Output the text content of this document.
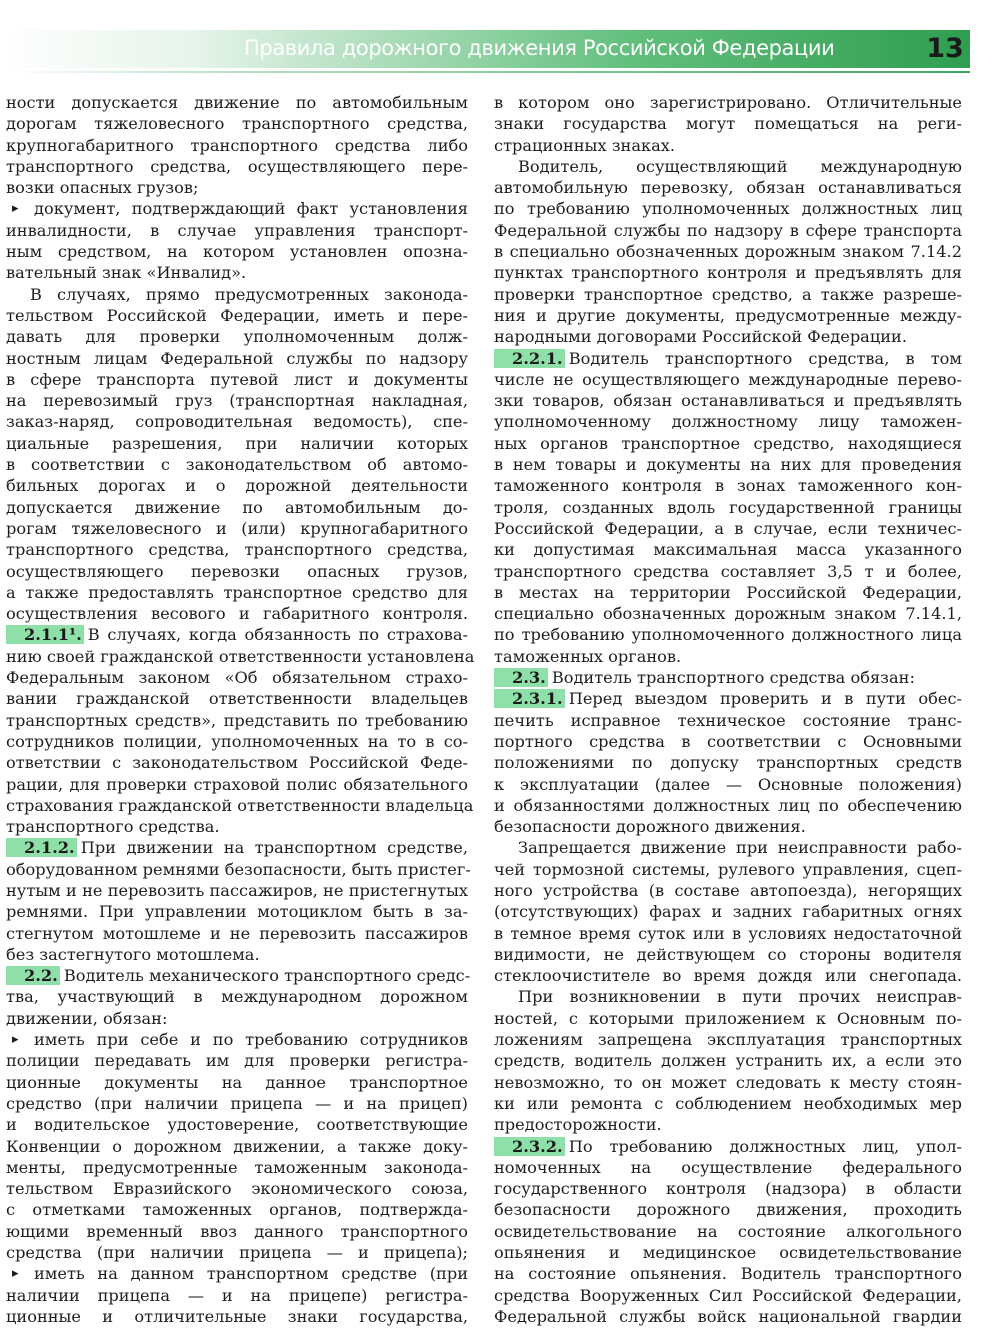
Правила дорожного движения Российской Федерации	13
ности допускается движение по автомобильным
дорогам тяжеловесного транспортного средства,
крупногабаритного транспортного средства либо
транспортного средства, осуществляющего пере-
возки опасных грузов;
▸ документ, подтверждающий факт установления
инвалидности, в случае управления транспорт-
ным средством, на котором установлен опозна-
вательный знак «Инвалид».
В случаях, прямо предусмотренных законода-
тельством Российской Федерации, иметь и пере-
давать для проверки уполномоченным долж-
ностным лицам Федеральной службы по надзору
в сфере транспорта путевой лист и документы
на перевозимый груз (транспортная накладная,
заказ-наряд, сопроводительная ведомость), спе-
циальные разрешения, при наличии которых
в соответствии с законодательством об автомо-
бильных дорогах и о дорожной деятельности
допускается движение по автомобильным до-
рогам тяжеловесного и (или) крупногабаритного
транспортного средства, транспортного средства,
осуществляющего перевозки опасных грузов,
а также предоставлять транспортное средство для
осуществления весового и габаритного контроля.
2.1.1¹. В случаях, когда обязанность по страхова-
нию своей гражданской ответственности установлена
Федеральным законом «Об обязательном страхо-
вании гражданской ответственности владельцев
транспортных средств», представить по требованию
сотрудников полиции, уполномоченных на то в со-
ответствии с законодательством Российской Феде-
рации, для проверки страховой полис обязательного
страхования гражданской ответственности владельца
транспортного средства.
2.1.2. При движении на транспортном средстве,
оборудованном ремнями безопасности, быть пристег-
нутым и не перевозить пассажиров, не пристегнутых
ремнями. При управлении мотоциклом быть в за-
стегнутом мотошлеме и не перевозить пассажиров
без застегнутого мотошлема.
2.2. Водитель механического транспортного средс-
тва, участвующий в международном дорожном
движении, обязан:
▸ иметь при себе и по требованию сотрудников
полиции передавать им для проверки регистра-
ционные документы на данное транспортное
средство (при наличии прицепа — и на прицеп)
и водительское удостоверение, соответствующие
Конвенции о дорожном движении, а также доку-
менты, предусмотренные таможенным законода-
тельством Евразийского экономического союза,
с отметками таможенных органов, подтвержда-
ющими временный ввоз данного транспортного
средства (при наличии прицепа — и прицепа);
▸ иметь на данном транспортном средстве (при
наличии прицепа — и на прицепе) регистра-
ционные и отличительные знаки государства,
в котором оно зарегистрировано. Отличительные
знаки государства могут помещаться на реги-
страционных знаках.
Водитель, осуществляющий международную
автомобильную перевозку, обязан останавливаться
по требованию уполномоченных должностных лиц
Федеральной службы по надзору в сфере транспорта
в специально обозначенных дорожным знаком 7.14.2
пунктах транспортного контроля и предъявлять для
проверки транспортное средство, а также разреше-
ния и другие документы, предусмотренные между-
народными договорами Российской Федерации.
2.2.1. Водитель транспортного средства, в том
числе не осуществляющего международные перево-
зки товаров, обязан останавливаться и предъявлять
уполномоченному должностному лицу таможен-
ных органов транспортное средство, находящиеся
в нем товары и документы на них для проведения
таможенного контроля в зонах таможенного кон-
троля, созданных вдоль государственной границы
Российской Федерации, а в случае, если техничес-
ки допустимая максимальная масса указанного
транспортного средства составляет 3,5 т и более,
в местах на территории Российской Федерации,
специально обозначенных дорожным знаком 7.14.1,
по требованию уполномоченного должностного лица
таможенных органов.
2.3. Водитель транспортного средства обязан:
2.3.1. Перед выездом проверить и в пути обес-
печить исправное техническое состояние транс-
портного средства в соответствии с Основными
положениями по допуску транспортных средств
к эксплуатации (далее — Основные положения)
и обязанностями должностных лиц по обеспечению
безопасности дорожного движения.
Запрещается движение при неисправности рабо-
чей тормозной системы, рулевого управления, сцеп-
ного устройства (в составе автопоезда), негорящих
(отсутствующих) фарах и задних габаритных огнях
в темное время суток или в условиях недостаточной
видимости, не действующем со стороны водителя
стеклоочистителе во время дождя или снегопада.
При возникновении в пути прочих неисправ-
ностей, с которыми приложением к Основным по-
ложениям запрещена эксплуатация транспортных
средств, водитель должен устранить их, а если это
невозможно, то он может следовать к месту стоян-
ки или ремонта с соблюдением необходимых мер
предосторожности.
2.3.2. По требованию должностных лиц, упол-
номоченных на осуществление федерального
государственного контроля (надзора) в области
безопасности дорожного движения, проходить
освидетельствование на состояние алкогольного
опьянения и медицинское освидетельствование
на состояние опьянения. Водитель транспортного
средства Вооруженных Сил Российской Федерации,
Федеральной службы войск национальной гвардии
